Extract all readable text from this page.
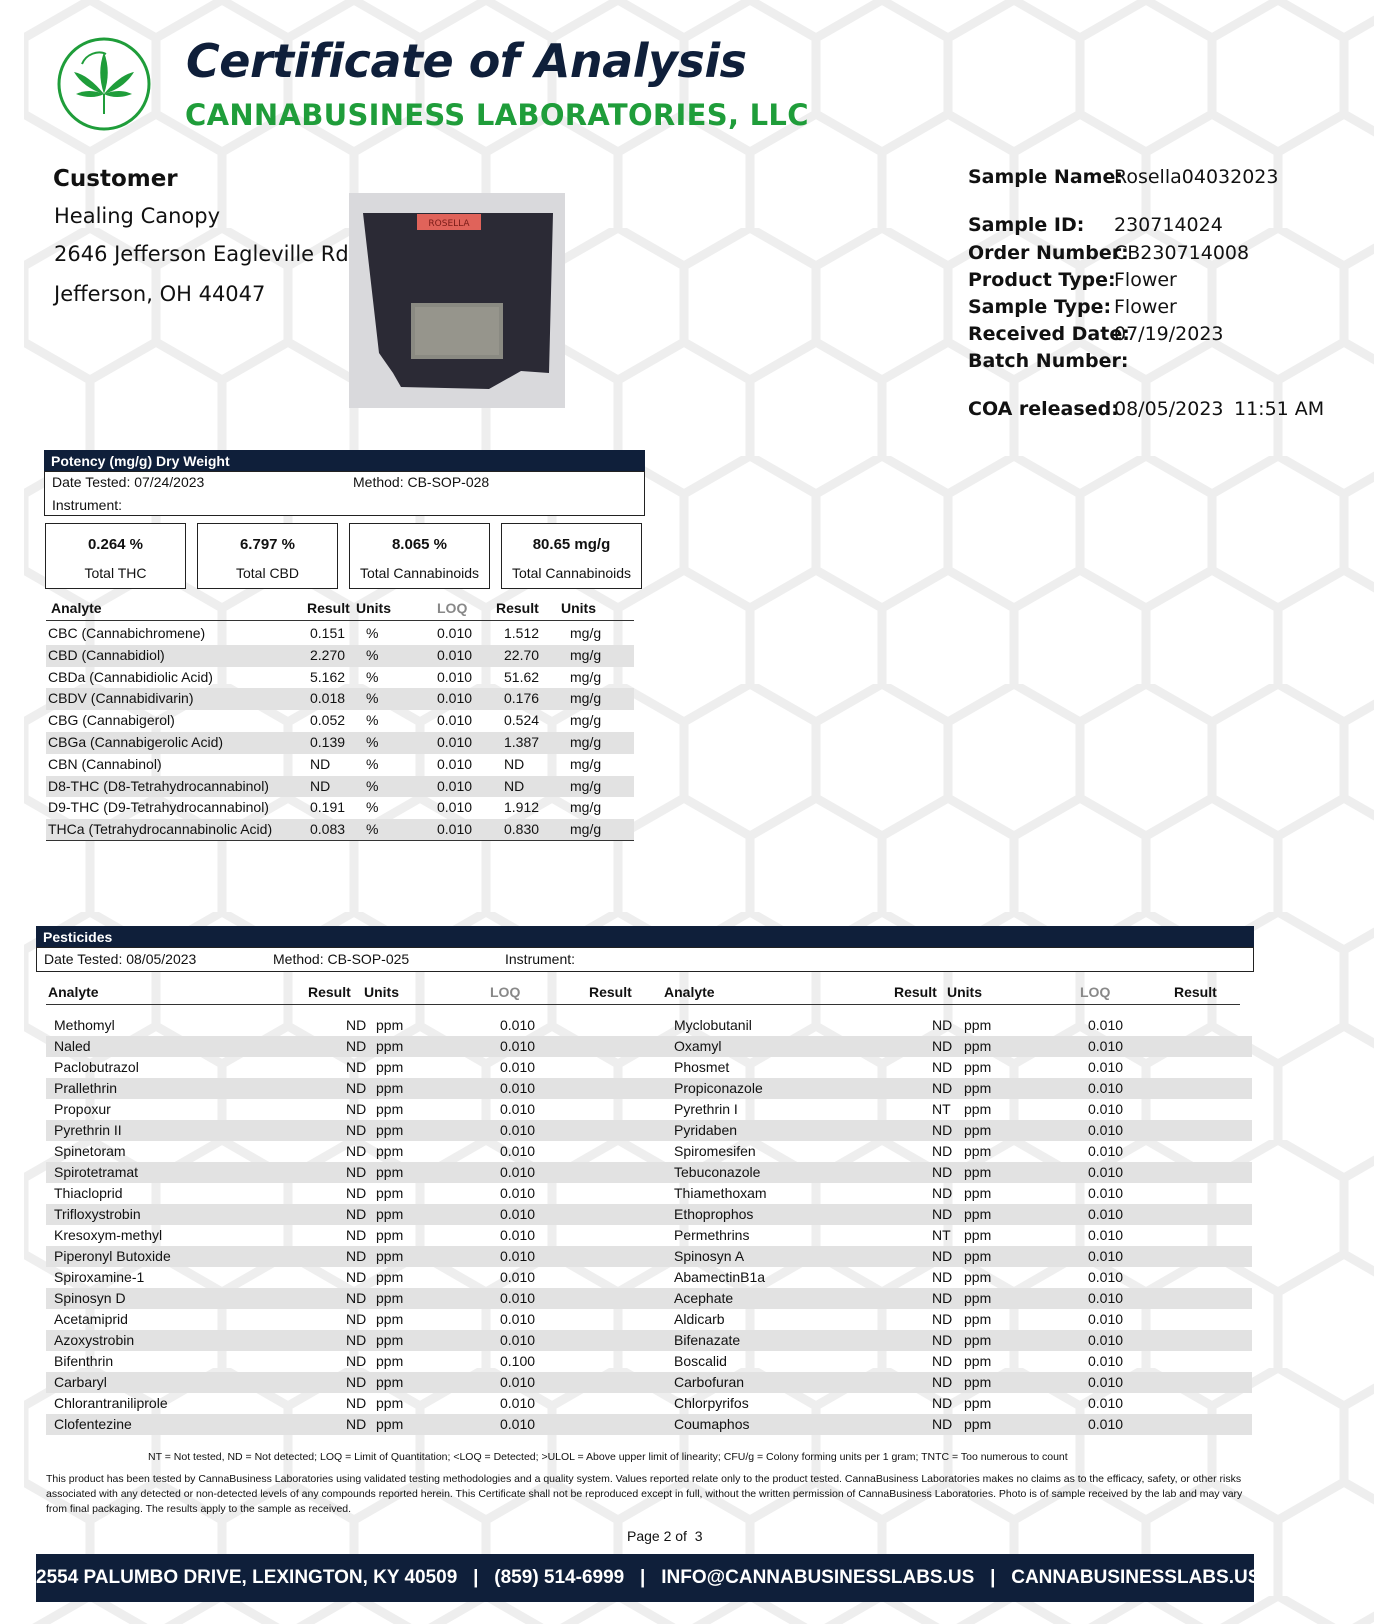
Certificate of Analysis
CANNABUSINESS LABORATORIES, LLC
Customer
Healing Canopy
2646 Jefferson Eagleville Rd
Jefferson, OH 44047
ROSELLA
Sample Name:
Rosella04032023
Sample ID: 230714024
Order Number:
CB230714008
Product Type:
Flower
Sample Type: Flower
Received Date:
07/19/2023
Batch Number:
COA released:
08/05/2023 11:51 AM
Potency (mg/g) Dry Weight
Date Tested: 07/24/2023	Method: CB-SOP-028
Instrument:
0.264 %
Total THC
6.797 %
Total CBD
8.065 %
Total Cannabinoids
80.65 mg/g
Total Cannabinoids
Analyte	Result Units	LOQ Result Units
CBC (Cannabichromene)	0.151 %	0.010 1.512 mg/g
CBD (Cannabidiol)	2.270 %	0.010 22.70 mg/g
CBDa (Cannabidiolic Acid)	5.162 %	0.010 51.62 mg/g
CBDV (Cannabidivarin)	0.018 %	0.010 0.176 mg/g
CBG (Cannabigerol)	0.052 %	0.010 0.524 mg/g
CBGa (Cannabigerolic Acid)	0.139 %	0.010 1.387 mg/g
CBN (Cannabinol)	ND	%	0.010 ND	mg/g
D8-THC (D8-Tetrahydrocannabinol)	ND	%	0.010 ND	mg/g
D9-THC (D9-Tetrahydrocannabinol)	0.191 %	0.010 1.912 mg/g
THCa (Tetrahydrocannabinolic Acid)	0.083 %	0.010 0.830 mg/g
Pesticides
Date Tested: 08/05/2023	Method: CB-SOP-025	Instrument:
Analyte	Result Units	LOQ	Result Analyte	Result Units	LOQ	Result
Methomyl	ND ppm	0.010	Myclobutanil	ND ppm	0.010
Naled	ND ppm	0.010	Oxamyl	ND ppm	0.010
Paclobutrazol	ND ppm	0.010	Phosmet	ND ppm	0.010
Prallethrin	ND ppm	0.010	Propiconazole	ND ppm	0.010
Propoxur	ND ppm	0.010	Pyrethrin I	NT ppm	0.010
Pyrethrin II	ND ppm	0.010	Pyridaben	ND ppm	0.010
Spinetoram	ND ppm	0.010	Spiromesifen	ND ppm	0.010
Spirotetramat	ND ppm	0.010	Tebuconazole	ND ppm	0.010
Thiacloprid	ND ppm	0.010	Thiamethoxam	ND ppm	0.010
Trifloxystrobin	ND ppm	0.010	Ethoprophos	ND ppm	0.010
Kresoxym-methyl	ND ppm	0.010	Permethrins	NT ppm	0.010
Piperonyl Butoxide	ND ppm	0.010	Spinosyn A	ND ppm	0.010
Spiroxamine-1	ND ppm	0.010	AbamectinB1a	ND ppm	0.010
Spinosyn D	ND ppm	0.010	Acephate	ND ppm	0.010
Acetamiprid	ND ppm	0.010	Aldicarb	ND ppm	0.010
Azoxystrobin	ND ppm	0.010	Bifenazate	ND ppm	0.010
Bifenthrin	ND ppm	0.100	Boscalid	ND ppm	0.010
Carbaryl	ND ppm	0.010	Carbofuran	ND ppm	0.010
Chlorantraniliprole	ND ppm	0.010	Chlorpyrifos	ND ppm	0.010
Clofentezine	ND ppm	0.010	Coumaphos	ND ppm	0.010
NT = Not tested, ND = Not detected; LOQ = Limit of Quantitation; <LOQ = Detected; >ULOL = Above upper limit of linearity; CFU/g = Colony forming units per 1 gram; TNTC = Too numerous to count
This product has been tested by CannaBusiness Laboratories using validated testing methodologies and a quality system. Values reported relate only to the product tested. CannaBusiness Laboratories makes no claims as to the efficacy, safety, or other risks associated with any detected or non-detected levels of any compounds reported herein. This Certificate shall not be reproduced except in full, without the written permission of CannaBusiness Laboratories. Photo is of sample received by the lab and may vary from final packaging. The results apply to the sample as received.
Page 2 of  3
2554 PALUMBO DRIVE, LEXINGTON, KY 40509   |   (859) 514-6999   |   INFO@CANNABUSINESSLABS.US   |   CANNABUSINESSLABS.US
